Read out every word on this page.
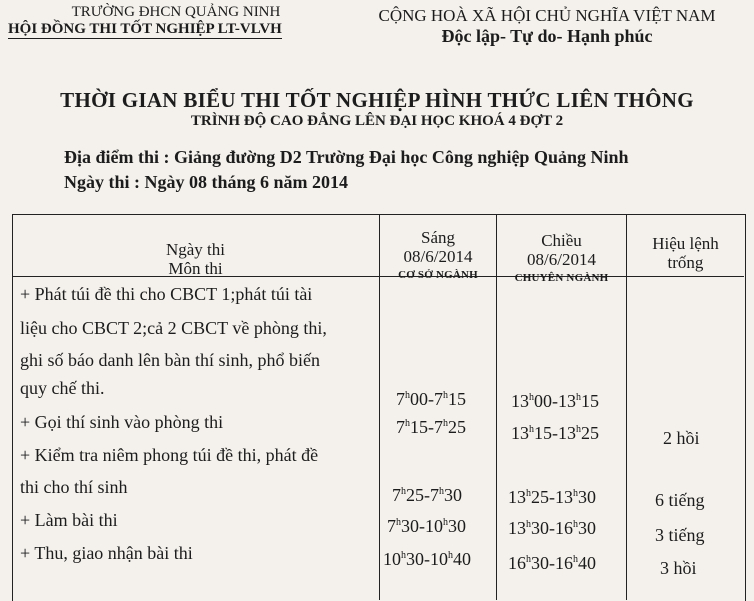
TRƯỜNG ĐHCN QUẢNG NINH
HỘI ĐỒNG THI TỐT NGHIỆP LT-VLVH
CỘNG HOÀ XÃ HỘI CHỦ NGHĨA VIỆT NAM
Độc lập- Tự do- Hạnh phúc
THỜI GIAN BIỂU THI TỐT NGHIỆP HÌNH THỨC LIÊN THÔNG
TRÌNH ĐỘ CAO ĐẲNG LÊN ĐẠI HỌC KHOÁ 4 ĐỢT 2
Địa điểm thi : Giảng đường D2 Trường Đại học Công nghiệp Quảng Ninh
Ngày thi : Ngày 08 tháng 6 năm 2014
Ngày thi
Môn thi
Sáng
08/6/2014
CƠ SỞ NGÀNH
Chiều
08/6/2014
CHUYÊN NGÀNH
Hiệu lệnh
trống
+ Phát túi đề thi cho CBCT 1;phát túi tài
liệu cho CBCT 2;cả 2 CBCT về phòng thi,
ghi số báo danh lên bàn thí sinh, phổ biến
quy chế thi.
+ Gọi thí sinh vào phòng thi
+ Kiểm tra niêm phong túi đề thi, phát đề
thi cho thí sinh
+ Làm bài thi
+ Thu, giao nhận bài thi
7$^h$00-7$^h$15
7$^h$15-7$^h$25
7$^h$25-7$^h$30
7$^h$30-10$^h$30
10$^h$30-10$^h$40
13$^h$00-13$^h$15
13$^h$15-13$^h$25
13$^h$25-13$^h$30
13$^h$30-16$^h$30
16$^h$30-16$^h$40
2 hồi
6 tiếng
3 tiếng
3 hồi
